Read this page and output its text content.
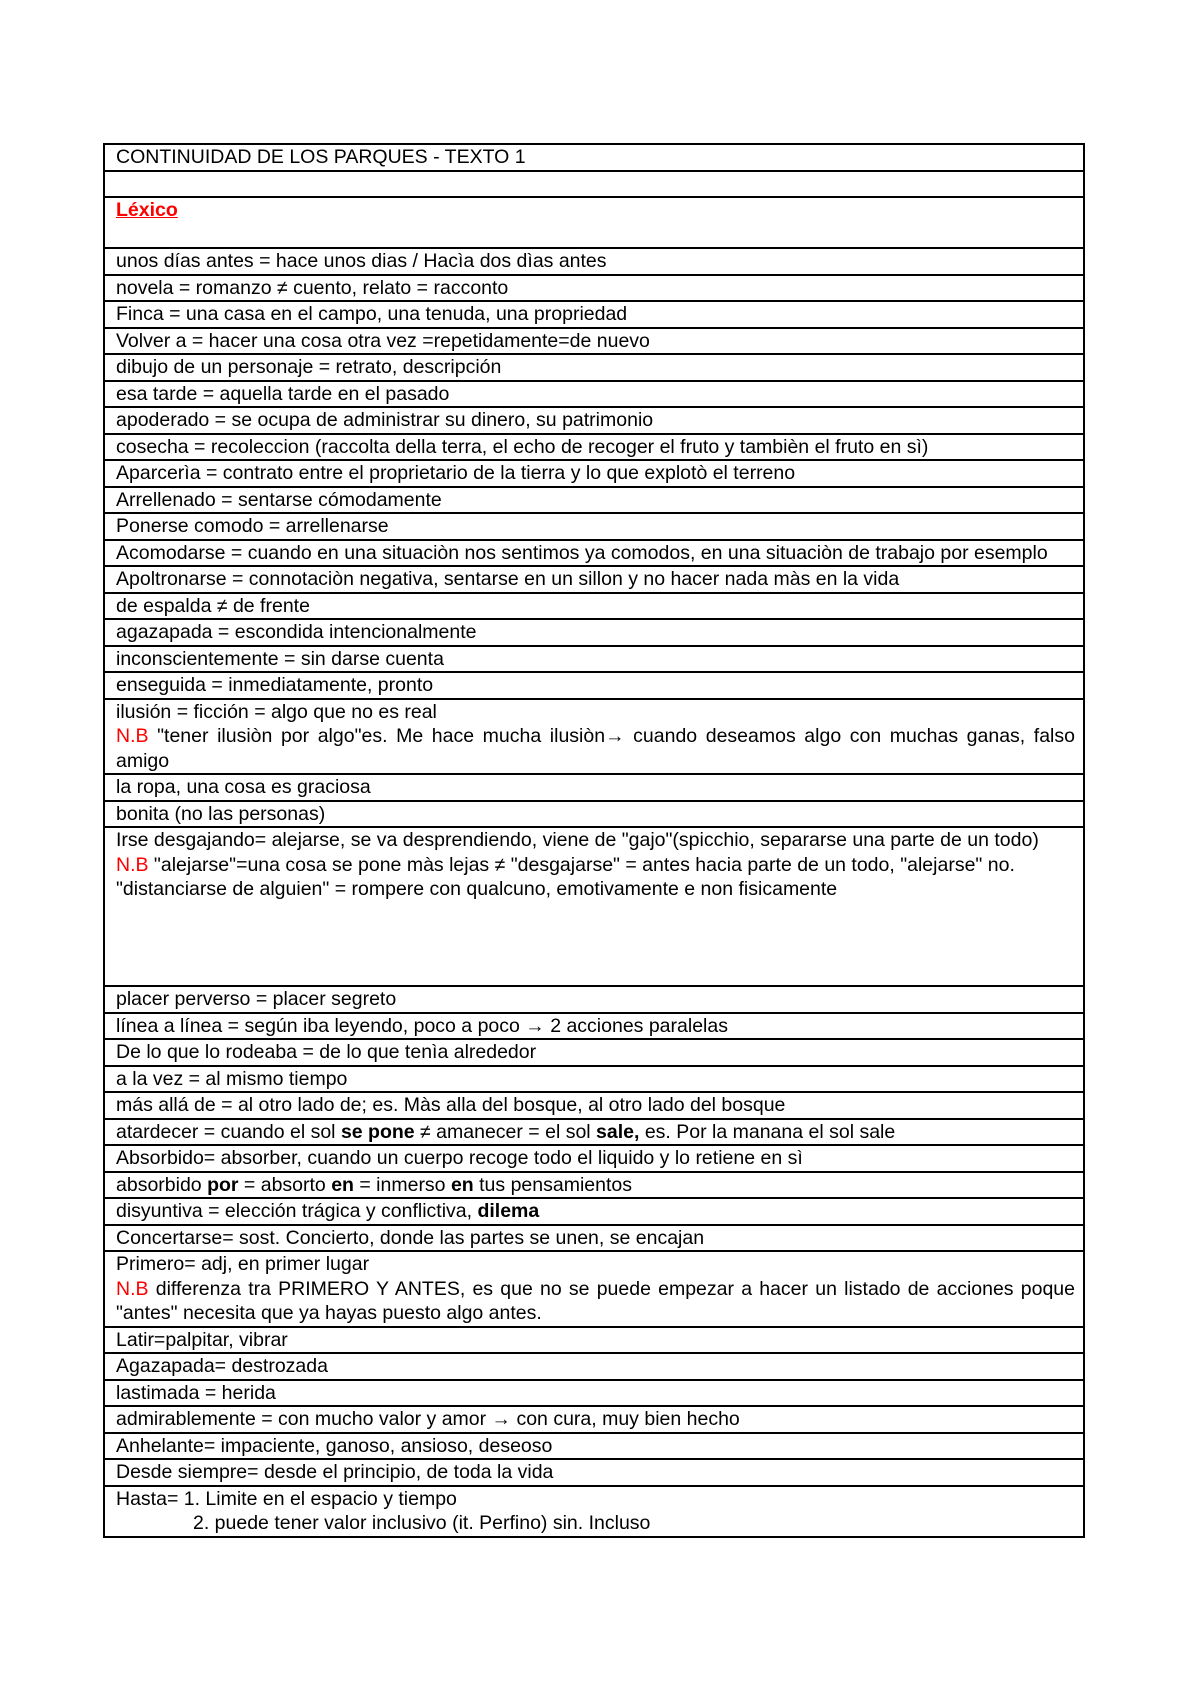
CONTINUIDAD DE LOS PARQUES - TEXTO 1

Léxico
unos días antes = hace unos dias / Hacìa dos dìas antes
novela = romanzo ≠ cuento, relato = racconto
Finca = una casa en el campo, una tenuda, una propriedad
Volver a = hacer una cosa otra vez =repetidamente=de nuevo
dibujo de un personaje = retrato, descripción
esa tarde = aquella tarde en el pasado
apoderado = se ocupa de administrar su dinero, su patrimonio
cosecha = recoleccion (raccolta della terra, el echo de recoger el fruto y tambièn el fruto en sì)
Aparcerìa = contrato entre el proprietario de la tierra y lo que explotò el terreno
Arrellenado = sentarse cómodamente
Ponerse comodo = arrellenarse
Acomodarse = cuando en una situaciòn nos sentimos ya comodos, en una situaciòn de trabajo por esemplo
Apoltronarse = connotaciòn negativa, sentarse en un sillon y no hacer nada màs en la vida
de espalda ≠ de frente
agazapada = escondida intencionalmente
inconscientemente = sin darse cuenta
enseguida = inmediatamente, pronto

ilusión = ficción = algo que no es real
N.B "tener ilusiòn por algo"es. Me hace mucha ilusiòn→ cuando deseamos algo con muchas ganas, falso amigo

la ropa, una cosa es graciosa
bonita (no las personas)

Irse desgajando= alejarse, se va desprendiendo, viene de "gajo"(spicchio, separarse una parte de un todo)
N.B "alejarse"=una cosa se pone màs lejas ≠ "desgajarse" = antes hacia parte de un todo, "alejarse" no.
"distanciarse de alguien" = rompere con qualcuno, emotivamente e non fisicamente

placer perverso = placer segreto
línea a línea = según iba leyendo, poco a poco → 2 acciones paralelas
De lo que lo rodeaba = de lo que tenìa alrededor
a la vez = al mismo tiempo
más allá de = al otro lado de; es. Màs alla del bosque, al otro lado del bosque
atardecer = cuando el sol se pone ≠ amanecer = el sol sale, es. Por la manana el sol sale
Absorbido= absorber, cuando un cuerpo recoge todo el liquido y lo retiene en sì
absorbido por = absorto en = inmerso en tus pensamientos
disyuntiva = elección trágica y conflictiva, dilema
Concertarse= sost. Concierto, donde las partes se unen, se encajan

Primero= adj, en primer lugar
N.B differenza tra PRIMERO Y ANTES, es que no se puede empezar a hacer un listado de acciones poque "antes" necesita que ya hayas puesto algo antes.

Latir=palpitar, vibrar
Agazapada= destrozada
lastimada = herida
admirablemente = con mucho valor y amor → con cura, muy bien hecho
Anhelante= impaciente, ganoso, ansioso, deseoso
Desde siempre= desde el principio, de toda la vida

Hasta= 1. Limite en el espacio y tiempo
2. puede tener valor inclusivo (it. Perfino) sin. Incluso
